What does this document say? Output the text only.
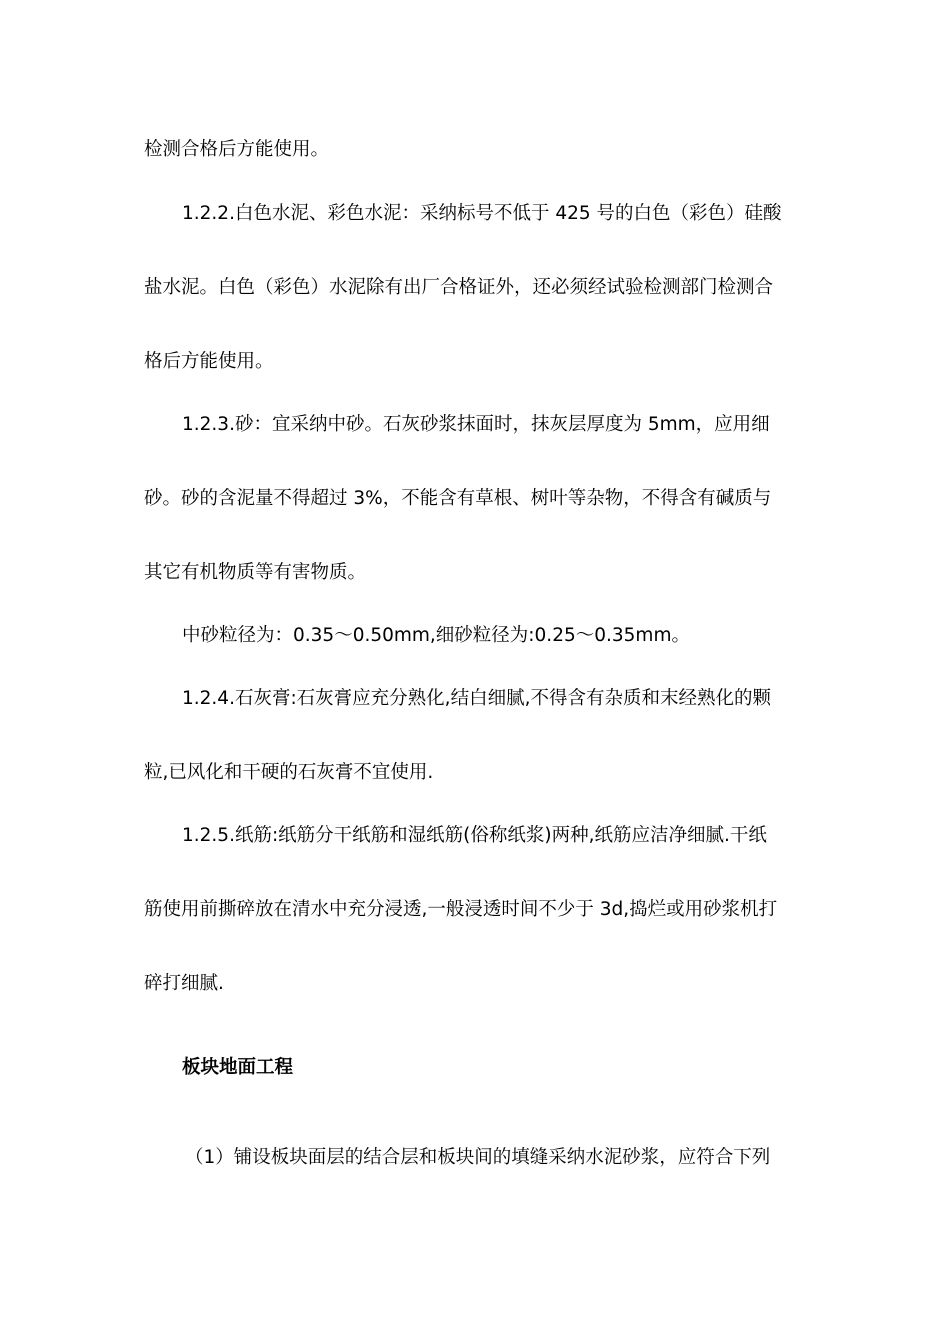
检测合格后方能使用。
1.2.2.白色水泥、彩色水泥：采纳标号不低于 425 号的白色（彩色）硅酸
盐水泥。白色（彩色）水泥除有出厂合格证外，还必须经试验检测部门检测合
格后方能使用。
1.2.3.砂：宜采纳中砂。石灰砂浆抹面时，抹灰层厚度为 5mm，应用细
砂。砂的含泥量不得超过 3%，不能含有草根、树叶等杂物，不得含有碱质与
其它有机物质等有害物质。
中砂粒径为：0.35～0.50mm,细砂粒径为:0.25～0.35mm。
1.2.4.石灰膏:石灰膏应充分熟化,结白细腻,不得含有杂质和末经熟化的颗
粒,已风化和干硬的石灰膏不宜使用.
1.2.5.纸筋:纸筋分干纸筋和湿纸筋(俗称纸浆)两种,纸筋应洁净细腻.干纸
筋使用前撕碎放在清水中充分浸透,一般浸透时间不少于 3d,捣烂或用砂浆机打
碎打细腻.
板块地面工程
（1）铺设板块面层的结合层和板块间的填缝采纳水泥砂浆，应符合下列
